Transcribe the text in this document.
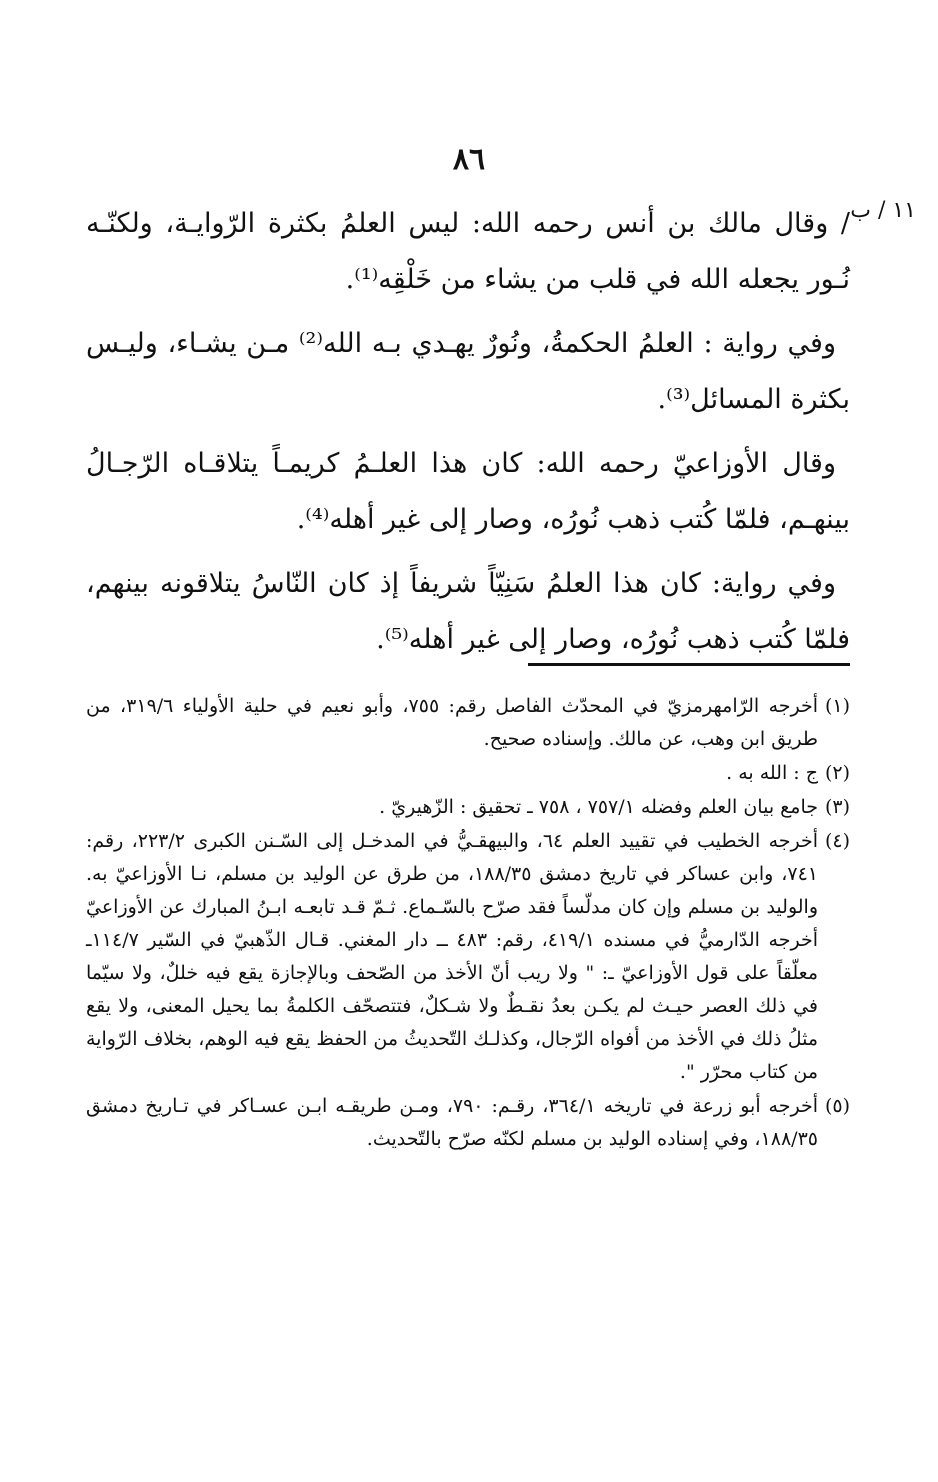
٨٦
١١ / ب

/ وقال مالك بن أنس رحمه الله: ليس العلمُ بكثرة الرّوايـة، ولكنّـه نُـور يجعله الله في قلب من يشاء من خَلْقِه⁽¹⁾.

وفي رواية : العلمُ الحكمةُ، ونُورٌ يهـدي بـه الله⁽²⁾ مـن يشـاء، وليـس بكثرة المسائل⁽³⁾.

وقال الأوزاعيّ رحمه الله: كان هذا العلـمُ كريمـاً يتلاقـاه الرّجـالُ بينهـم، فلمّا كُتب ذهب نُورُه، وصار إلى غير أهله⁽⁴⁾.

وفي رواية: كان هذا العلمُ سَنِيّاً شريفاً إذ كان النّاسُ يتلاقونه بينهم، فلمّا كُتب ذهب نُورُه، وصار إلى غير أهله⁽⁵⁾.

(١)
أخرجه الرّامهرمزيّ في المحدّث الفاصل رقم: ٧٥٥، وأبو نعيم في حلية الأولياء ٣١٩/٦، من طريق ابن وهب، عن مالك. وإسناده صحيح.
(٢)
ج : الله به .
(٣)
جامع بيان العلم وفضله ٧٥٧/١ ، ٧٥٨ ـ تحقيق : الزّهيريّ .
(٤)
أخرجه الخطيب في تقييد العلم ٦٤، والبيهقـيُّ في المدخـل إلى السّـنن الكبرى ٢٢٣/٢، رقم: ٧٤١، وابن عساكر في تاريخ دمشق ١٨٨/٣٥، من طرق عن الوليد بن مسلم، نـا الأوزاعيّ به. والوليد بن مسلم وإن كان مدلّساً فقد صرّح بالسّـماع. ثـمّ قـد تابعـه ابـنُ المبارك عن الأوزاعيّ أخرجه الدّارميُّ في مسنده ٤١٩/١، رقم: ٤٨٣ ــ دار المغني. قـال الذّهبيّ في السّير ١١٤/٧ـ معلّقاً على قول الأوزاعيّ ـ: " ولا ريب أنّ الأخذ من الصّحف وبالإجازة يقع فيه خللٌ، ولا سيّما في ذلك العصر حيـث لم يكـن بعدُ نقـطٌ ولا شـكلٌ، فتتصحّف الكلمةُ بما يحيل المعنى، ولا يقع مثلُ ذلك في الأخذ من أفواه الرّجال، وكذلـك التّحديثُ من الحفظ يقع فيه الوهم، بخلاف الرّواية من كتاب محرّر ".
(٥)
أخرجه أبو زرعة في تاريخه ٣٦٤/١، رقـم: ٧٩٠، ومـن طريقـه ابـن عسـاكر في تـاريخ دمشق ١٨٨/٣٥، وفي إسناده الوليد بن مسلم لكنّه صرّح بالتّحديث.
